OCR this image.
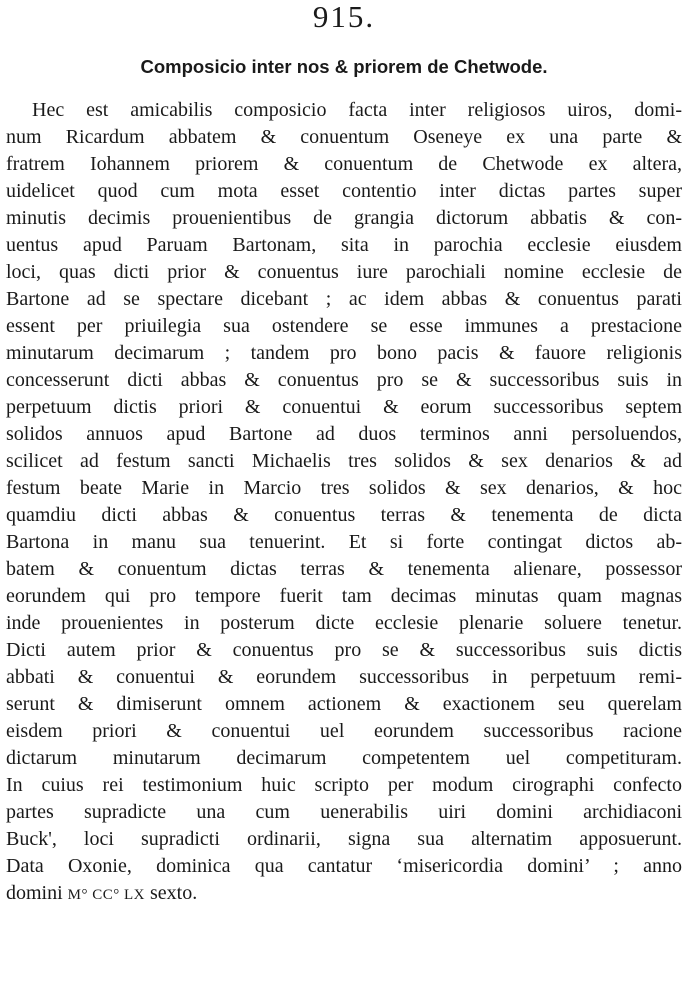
915.
Composicio inter nos & priorem de Chetwode.
Hec est amicabilis composicio facta inter religiosos uiros, domi-
num Ricardum abbatem & conuentum Oseneye ex una parte &
fratrem Iohannem priorem & conuentum de Chetwode ex altera,
uidelicet quod cum mota esset contentio inter dictas partes super
minutis decimis prouenientibus de grangia dictorum abbatis & con-
uentus apud Paruam Bartonam, sita in parochia ecclesie eiusdem
loci, quas dicti prior & conuentus iure parochiali nomine ecclesie de
Bartone ad se spectare dicebant ; ac idem abbas & conuentus parati
essent per priuilegia sua ostendere se esse immunes a prestacione
minutarum decimarum ; tandem pro bono pacis & fauore religionis
concesserunt dicti abbas & conuentus pro se & successoribus suis in
perpetuum dictis priori & conuentui & eorum successoribus septem
solidos annuos apud Bartone ad duos terminos anni persoluendos,
scilicet ad festum sancti Michaelis tres solidos & sex denarios & ad
festum beate Marie in Marcio tres solidos & sex denarios, & hoc
quamdiu dicti abbas & conuentus terras & tenementa de dicta
Bartona in manu sua tenuerint. Et si forte contingat dictos ab-
batem & conuentum dictas terras & tenementa alienare, possessor
eorundem qui pro tempore fuerit tam decimas minutas quam magnas
inde prouenientes in posterum dicte ecclesie plenarie soluere tenetur.
Dicti autem prior & conuentus pro se & successoribus suis dictis
abbati & conuentui & eorundem successoribus in perpetuum remi-
serunt & dimiserunt omnem actionem & exactionem seu querelam
eisdem priori & conuentui uel eorundem successoribus racione
dictarum minutarum decimarum competentem uel competituram.
In cuius rei testimonium huic scripto per modum cirographi confecto
partes supradicte una cum uenerabilis uiri domini archidiaconi
Buck', loci supradicti ordinarii, signa sua alternatim apposuerunt.
Data Oxonie, dominica qua cantatur ‘misericordia domini’ ; anno
domini M° CC° LX sexto.
